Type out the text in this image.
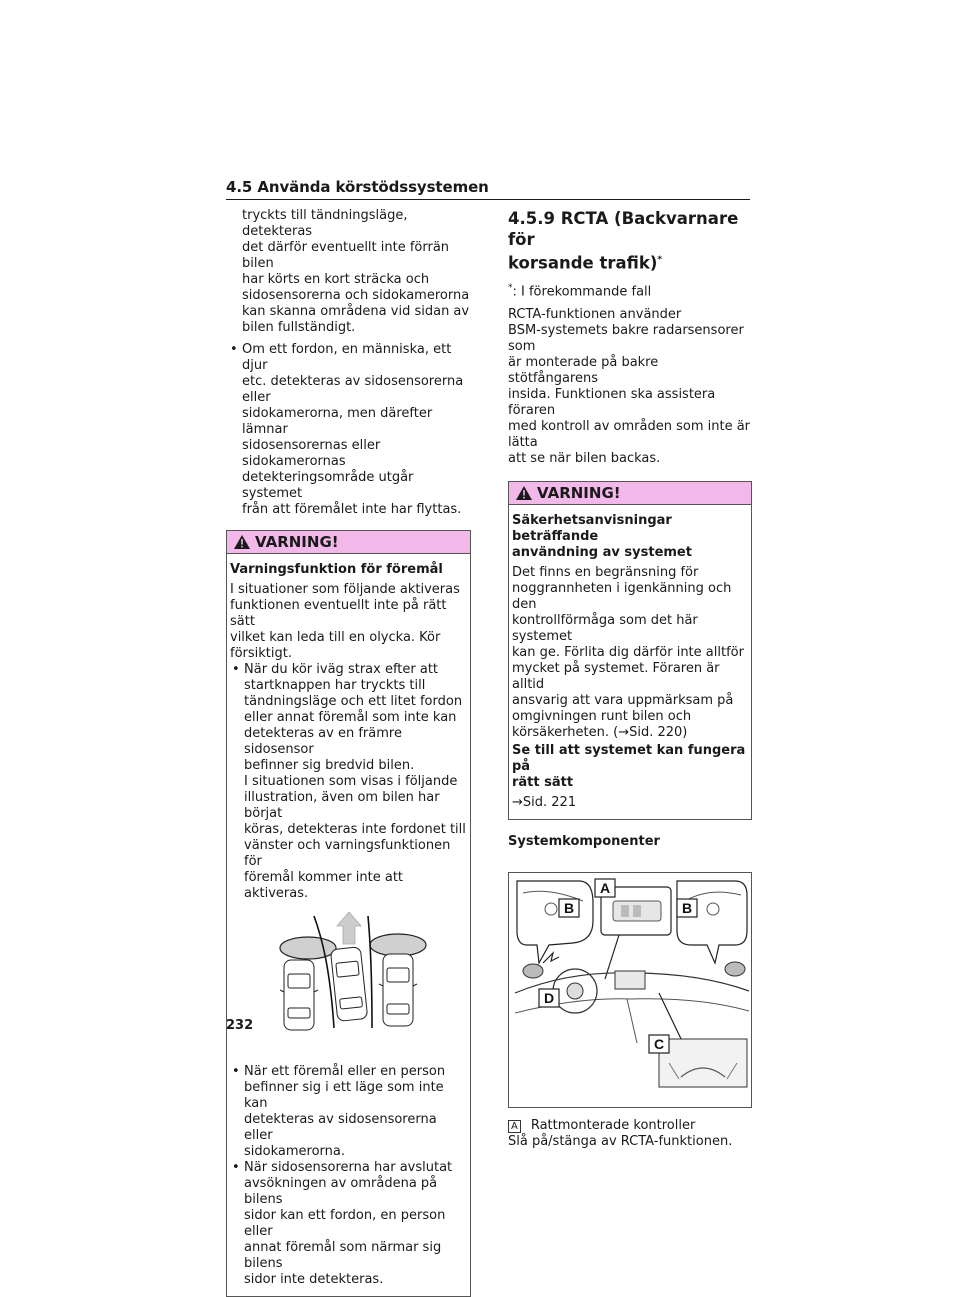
4.5 Använda körstödssystemen
tryckts till tändningsläge, detekteras
det därför eventuellt inte förrän bilen
har körts en kort sträcka och
sidosensorerna och sidokamerorna
kan skanna områdena vid sidan av
bilen fullständigt.
• Om ett fordon, en människa, ett djur
etc. detekteras av sidosensorerna eller
sidokamerorna, men därefter lämnar
sidosensorernas eller sidokamerornas
detekteringsområde utgår systemet
från att föremålet inte har flyttas.
VARNING!
Varningsfunktion för föremål
I situationer som följande aktiveras
funktionen eventuellt inte på rätt sätt
vilket kan leda till en olycka. Kör
försiktigt.
• När du kör iväg strax efter att
startknappen har tryckts till
tändningsläge och ett litet fordon
eller annat föremål som inte kan
detekteras av en främre sidosensor
befinner sig bredvid bilen.
I situationen som visas i följande
illustration, även om bilen har börjat
köras, detekteras inte fordonet till
vänster och varningsfunktionen för
föremål kommer inte att aktiveras.
• När ett föremål eller en person
befinner sig i ett läge som inte kan
detekteras av sidosensorerna eller
sidokamerorna.
• När sidosensorerna har avslutat
avsökningen av områdena på bilens
sidor kan ett fordon, en person eller
annat föremål som närmar sig bilens
sidor inte detekteras.
4.5.9 RCTA (Backvarnare för
korsande trafik)*

*: I förekommande fall

RCTA-funktionen använder
BSM-systemets bakre radarsensorer som
är monterade på bakre stötfångarens
insida. Funktionen ska assistera föraren
med kontroll av områden som inte är lätta
att se när bilen backas.

VARNING!
Säkerhetsanvisningar beträffande
användning av systemet
Det finns en begränsning för
noggrannheten i igenkänning och den
kontrollförmåga som det här systemet
kan ge. Förlita dig därför inte alltför
mycket på systemet. Föraren är alltid
ansvarig att vara uppmärksam på
omgivningen runt bilen och
körsäkerheten. (→Sid. 220)
Se till att systemet kan fungera på
rätt sätt
→Sid. 221
Systemkomponenter
A
B	B
D
C
A Rattmonterade kontroller
Slå på/stänga av RCTA-funktionen.
232
